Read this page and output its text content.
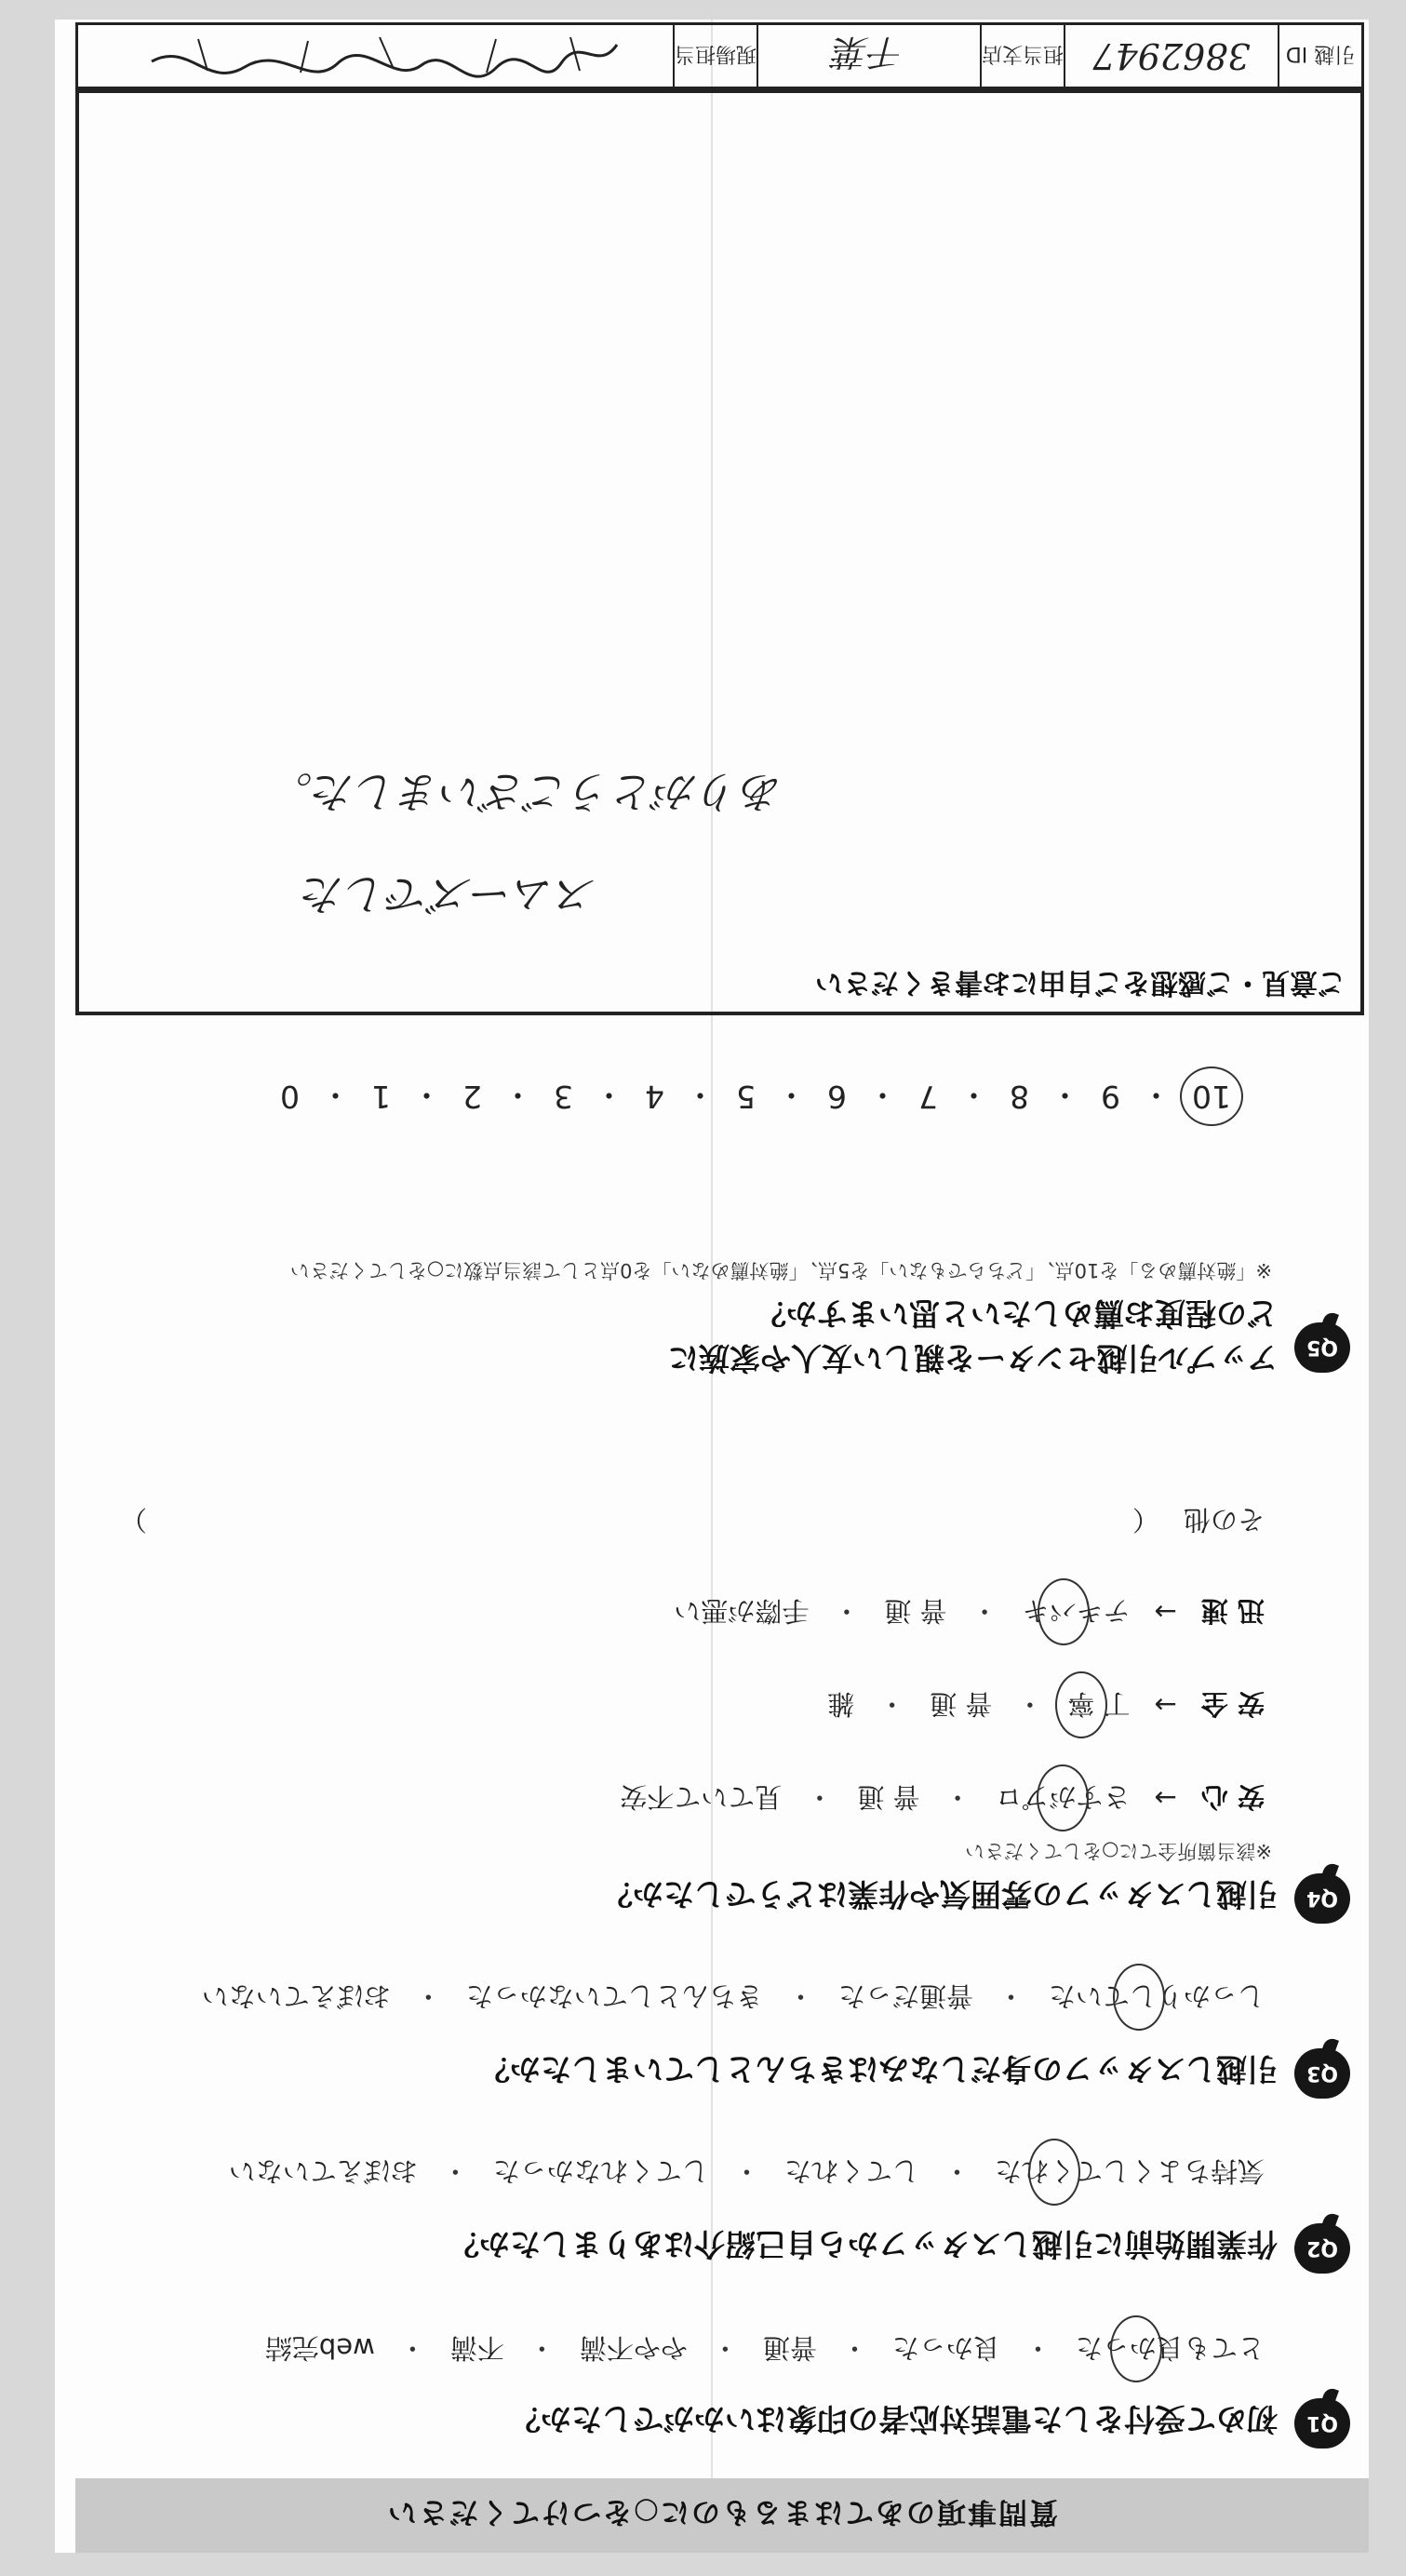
質問事項のあてはまるものに○をつけてください
Q1
初めて受付をした電話対応者の印象はいかがでしたか？
とても良かった
・
良かった
・
普通
・
やや不満
・
不満
・
web完結
Q2
作業開始前に引越しスタッフから自己紹介はありましたか？
気持ちよくしてくれた
・
してくれた
・
してくれなかった
・
おぼえていない
Q3
引越しスタッフの身だしなみはきちんとしていましたか？
しっかりしていた
・
普通だった
・
きちんとしていなかった
・
おぼえていない
Q4
引越しスタッフの雰囲気や作業はどうでしたか？
※該当箇所全てに○をしてください
安 心
→
さすがプロ
・
普 通
・
見ていて不安
安 全
→
丁 寧
・
普 通
・
雑
迅 速
→
テキパキ
・
普 通
・
手際が悪い
その他
（
）
Q5
アップル引越センターを親しい友人や家族に
どの程度お薦めしたいと思いますか？
※「絶対薦める」を10点、「どちらでもない」を5点、「絶対薦めない」を0点として該当点数に○をしてください
10
・
9
・
8
・
7
・
6
・
5
・
4
・
3
・
2
・
1
・
0
ご意見・ご感想をご自由にお書きください
スムーズでした
ありがとうございました。
引越 ID
3862947
担当支店
千葉
現場担当
